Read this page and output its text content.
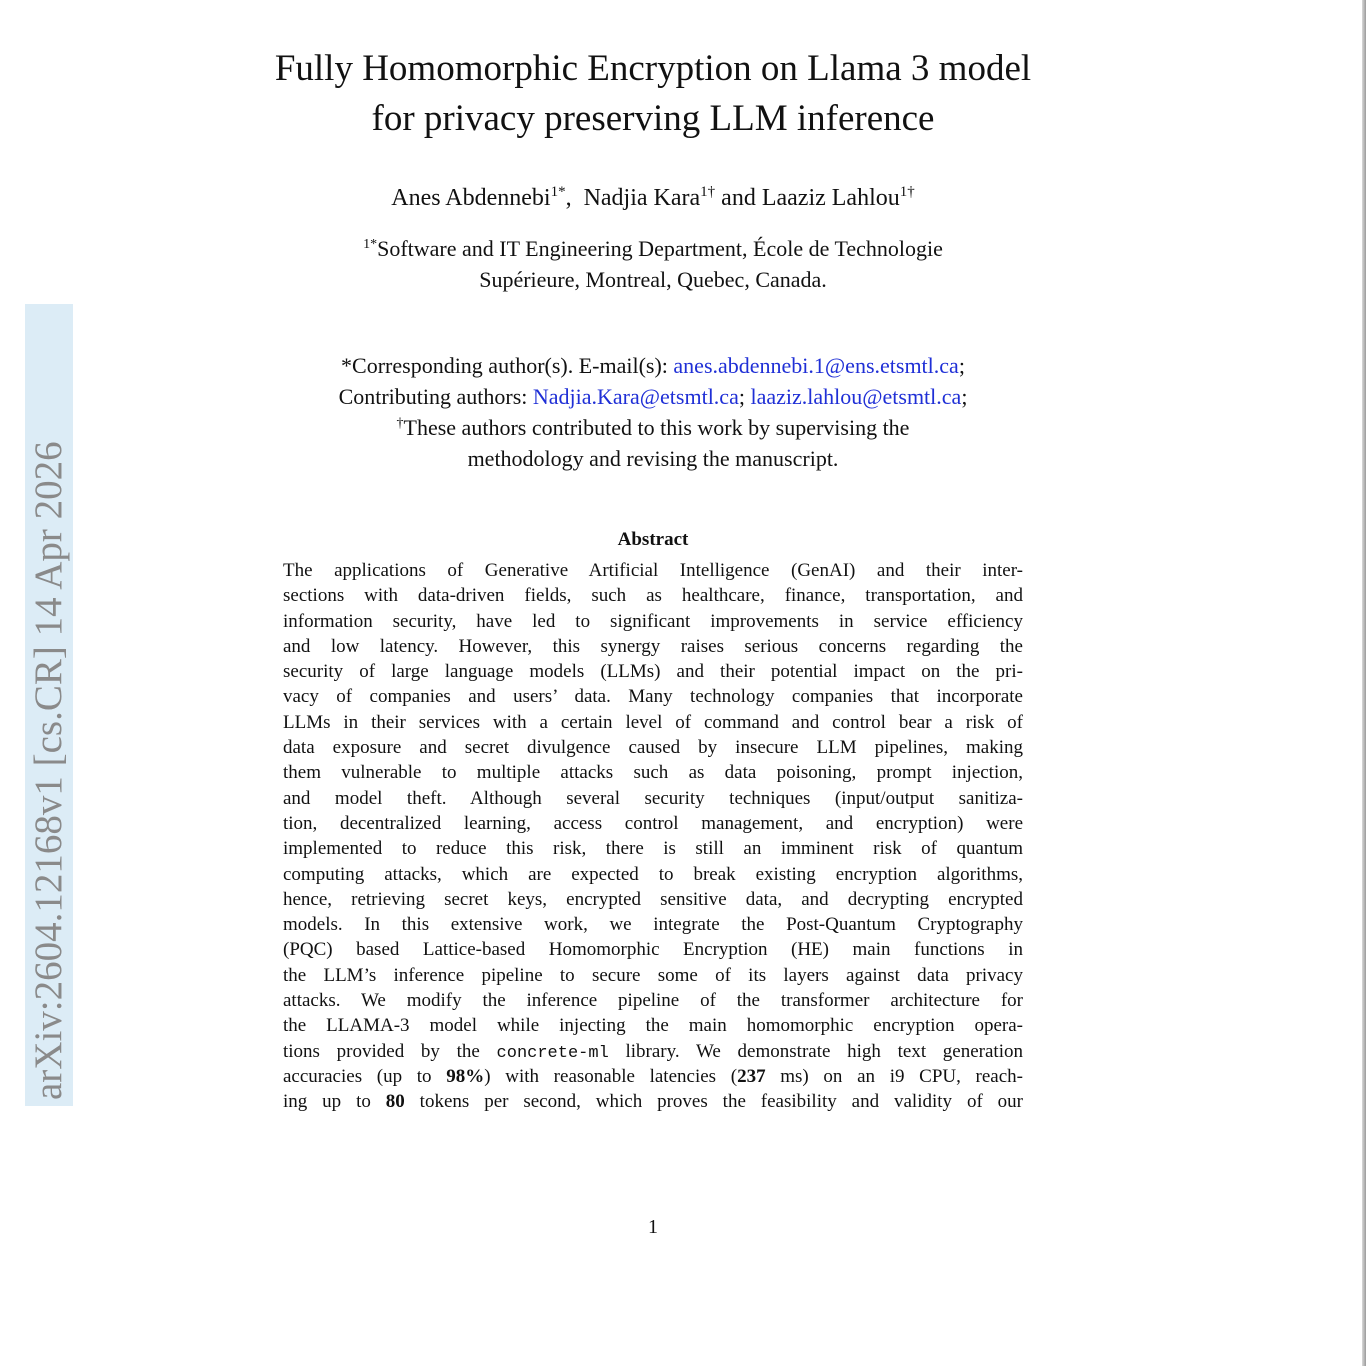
arXiv:2604.12168v1 [cs.CR] 14 Apr 2026
Fully Homomorphic Encryption on Llama 3 model
for privacy preserving LLM inference
Anes Abdennebi$^{1*}$,  Nadjia Kara$^{1\dagger}$ and Laaziz Lahlou$^{1\dagger}$
$^{1*}$Software and IT Engineering Department, École de Technologie
Supérieure, Montreal, Quebec, Canada.
*Corresponding author(s). E-mail(s): anes.abdennebi.1@ens.etsmtl.ca;
Contributing authors: Nadjia.Kara@etsmtl.ca; laaziz.lahlou@etsmtl.ca;
†These authors contributed to this work by supervising the
methodology and revising the manuscript.
Abstract
The applications of Generative Artificial Intelligence (GenAI) and their inter-
sections with data-driven fields, such as healthcare, finance, transportation, and
information security, have led to significant improvements in service efficiency
and low latency. However, this synergy raises serious concerns regarding the
security of large language models (LLMs) and their potential impact on the pri-
vacy of companies and users’ data. Many technology companies that incorporate
LLMs in their services with a certain level of command and control bear a risk of
data exposure and secret divulgence caused by insecure LLM pipelines, making
them vulnerable to multiple attacks such as data poisoning, prompt injection,
and model theft. Although several security techniques (input/output sanitiza-
tion, decentralized learning, access control management, and encryption) were
implemented to reduce this risk, there is still an imminent risk of quantum
computing attacks, which are expected to break existing encryption algorithms,
hence, retrieving secret keys, encrypted sensitive data, and decrypting encrypted
models. In this extensive work, we integrate the Post-Quantum Cryptography
(PQC) based Lattice-based Homomorphic Encryption (HE) main functions in
the LLM’s inference pipeline to secure some of its layers against data privacy
attacks. We modify the inference pipeline of the transformer architecture for
the LLAMA-3 model while injecting the main homomorphic encryption opera-
tions provided by the concrete-ml library. We demonstrate high text generation
accuracies (up to 98%) with reasonable latencies (237 ms) on an i9 CPU, reach-
ing up to 80 tokens per second, which proves the feasibility and validity of our
1
